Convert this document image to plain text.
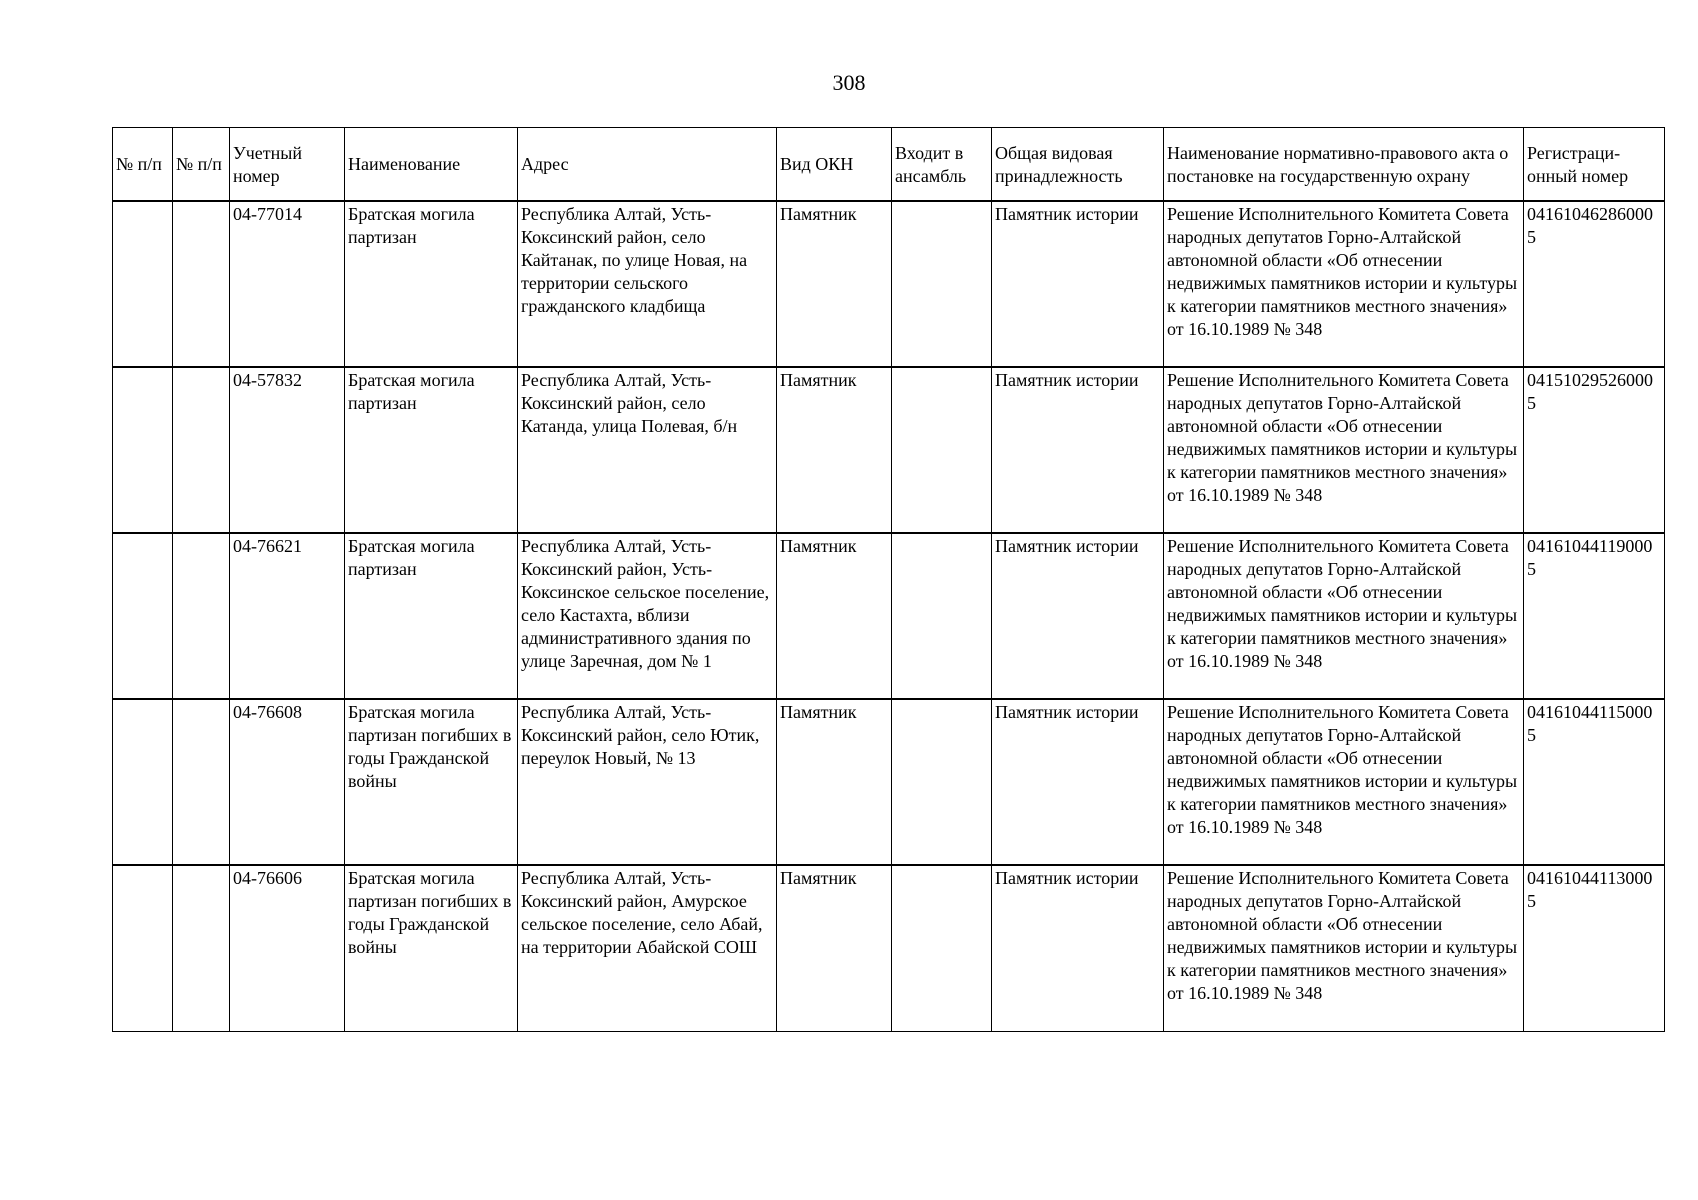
308
№ п/п	№ п/п	Учетный номер	Наименование	Адрес	Вид ОКН	Входит в ансамбль	Общая видовая принадлежность	Наименование нормативно-правового акта о постановке на государственную охрану	Регистраци-онный номер
		04-77014	Братская могила партизан	Республика Алтай, Усть-Коксинский район, село Кайтанак, по улице Новая, на территории сельского гражданского кладбища	Памятник		Памятник истории	Решение Исполнительного Комитета Совета народных депутатов Горно-Алтайской автономной области «Об отнесении недвижимых памятников истории и культуры к категории памятников местного значения» от 16.10.1989 № 348	041610462860005
		04-57832	Братская могила партизан	Республика Алтай, Усть-Коксинский район, село Катанда, улица Полевая, б/н	Памятник		Памятник истории	Решение Исполнительного Комитета Совета народных депутатов Горно-Алтайской автономной области «Об отнесении недвижимых памятников истории и культуры к категории памятников местного значения» от 16.10.1989 № 348	041510295260005
		04-76621	Братская могила партизан	Республика Алтай, Усть-Коксинский район, Усть-Коксинское сельское поселение, село Кастахта, вблизи административного здания по улице Заречная, дом № 1	Памятник		Памятник истории	Решение Исполнительного Комитета Совета народных депутатов Горно-Алтайской автономной области «Об отнесении недвижимых памятников истории и культуры к категории памятников местного значения» от 16.10.1989 № 348	041610441190005
		04-76608	Братская могила партизан погибших в годы Гражданской войны	Республика Алтай, Усть-Коксинский район, село Ютик, переулок Новый, № 13	Памятник		Памятник истории	Решение Исполнительного Комитета Совета народных депутатов Горно-Алтайской автономной области «Об отнесении недвижимых памятников истории и культуры к категории памятников местного значения» от 16.10.1989 № 348	041610441150005
		04-76606	Братская могила партизан погибших в годы Гражданской войны	Республика Алтай, Усть-Коксинский район, Амурское сельское поселение, село Абай, на территории Абайской СОШ	Памятник		Памятник истории	Решение Исполнительного Комитета Совета народных депутатов Горно-Алтайской автономной области «Об отнесении недвижимых памятников истории и культуры к категории памятников местного значения» от 16.10.1989 № 348	041610441130005
